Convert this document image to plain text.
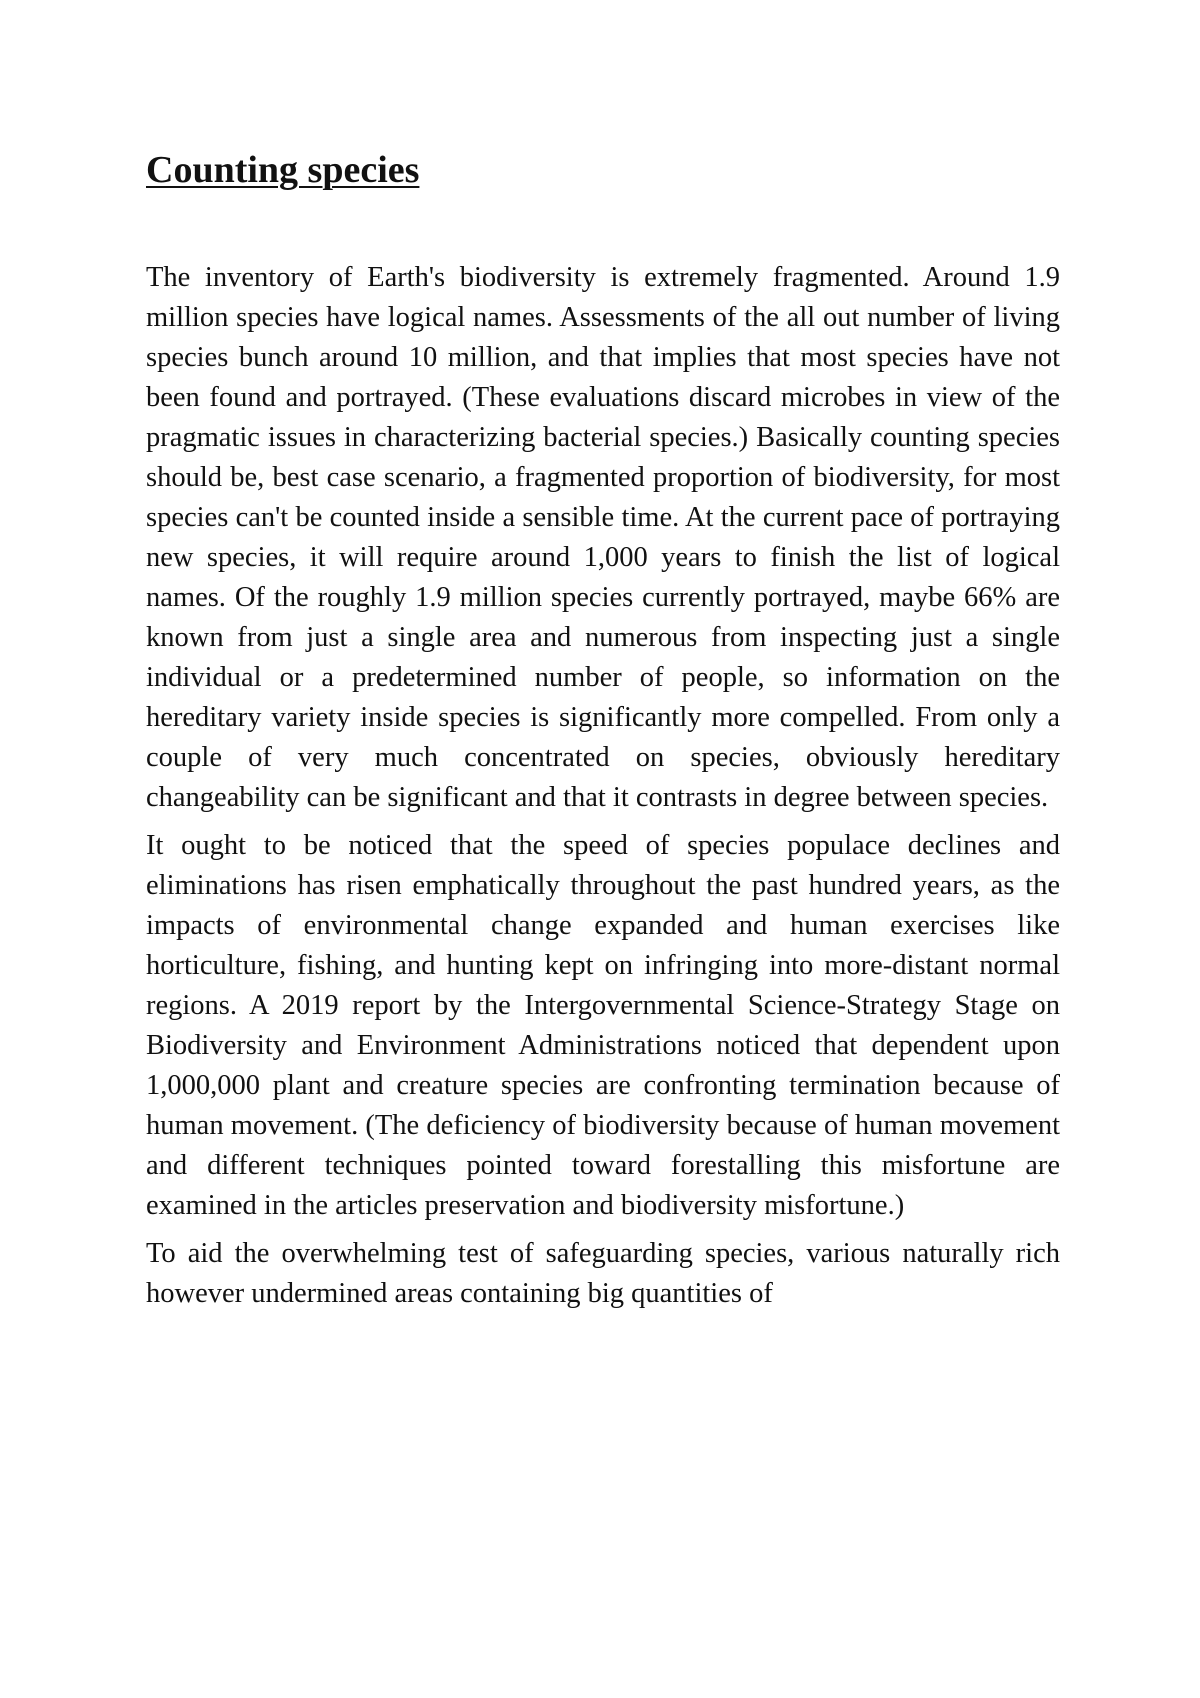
Counting species

The inventory of Earth's biodiversity is extremely fragmented. Around 1.9 million species have logical names. Assessments of the all out number of living species bunch around 10 million, and that implies that most species have not been found and portrayed. (These evaluations discard microbes in view of the pragmatic issues in characterizing bacterial species.) Basically counting species should be, best case scenario, a fragmented proportion of biodiversity, for most species can't be counted inside a sensible time. At the current pace of portraying new species, it will require around 1,000 years to finish the list of logical names. Of the roughly 1.9 million species currently portrayed, maybe 66% are known from just a single area and numerous from inspecting just a single individual or a predetermined number of people, so information on the hereditary variety inside species is significantly more compelled. From only a couple of very much concentrated on species, obviously hereditary changeability can be significant and that it contrasts in degree between species.

It ought to be noticed that the speed of species populace declines and eliminations has risen emphatically throughout the past hundred years, as the impacts of environmental change expanded and human exercises like horticulture, fishing, and hunting kept on infringing into more-distant normal regions. A 2019 report by the Intergovernmental Science-Strategy Stage on Biodiversity and Environment Administrations noticed that dependent upon 1,000,000 plant and creature species are confronting termination because of human movement. (The deficiency of biodiversity because of human movement and different techniques pointed toward forestalling this misfortune are examined in the articles preservation and biodiversity misfortune.)

To aid the overwhelming test of safeguarding species, various naturally rich however undermined areas containing big quantities of
